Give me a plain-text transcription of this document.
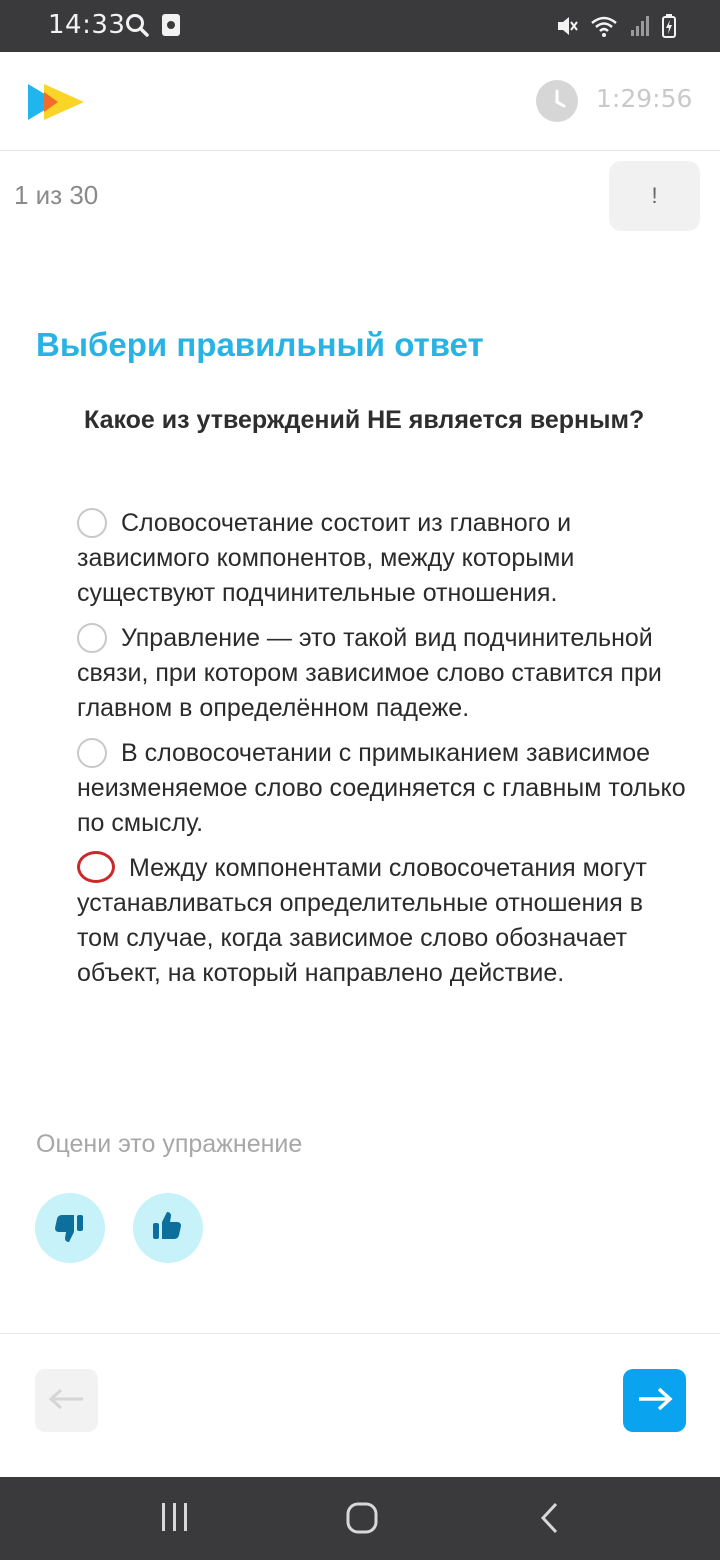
14:33
1:29:56
1 из 30	!
Выбери правильный ответ

Какое из утверждений НЕ является верным?

Словосочетание состоит из главного и зависимого компонентов, между которыми существуют подчинительные отношения.
Управление — это такой вид подчинительной связи, при котором зависимое слово ставится при главном в определённом падеже.
В словосочетании с примыканием зависимое неизменяемое слово соединяется с главным только по смыслу.
Между компонентами словосочетания могут устанавливаться определительные отношения в том случае, когда зависимое слово обозначает объект, на который направлено действие.
Оцени это упражнение
